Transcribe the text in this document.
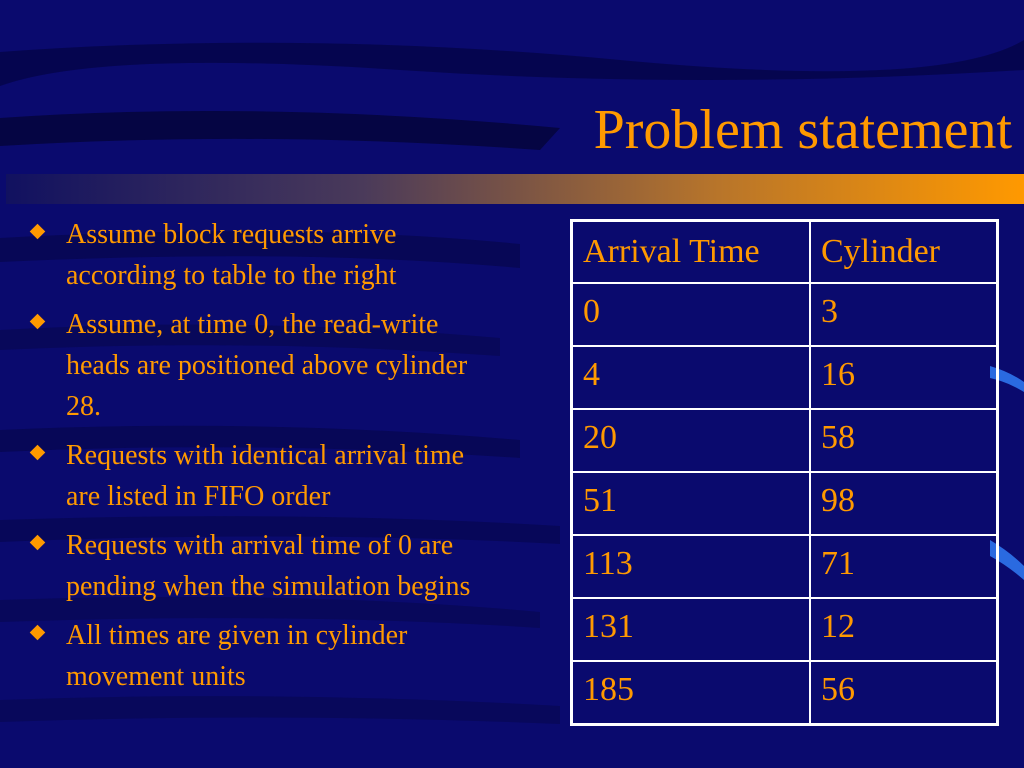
Problem statement
Assume block requests arrive according to table to the right
Assume, at time 0, the read-write heads are positioned above cylinder 28.
Requests with identical arrival time are listed in FIFO order
Requests with arrival time of 0 are pending when the simulation begins
All times are given in cylinder movement units
Arrival Time	Cylinder
0	3
4	16
20	58
51	98
113	71
131	12
185	56
